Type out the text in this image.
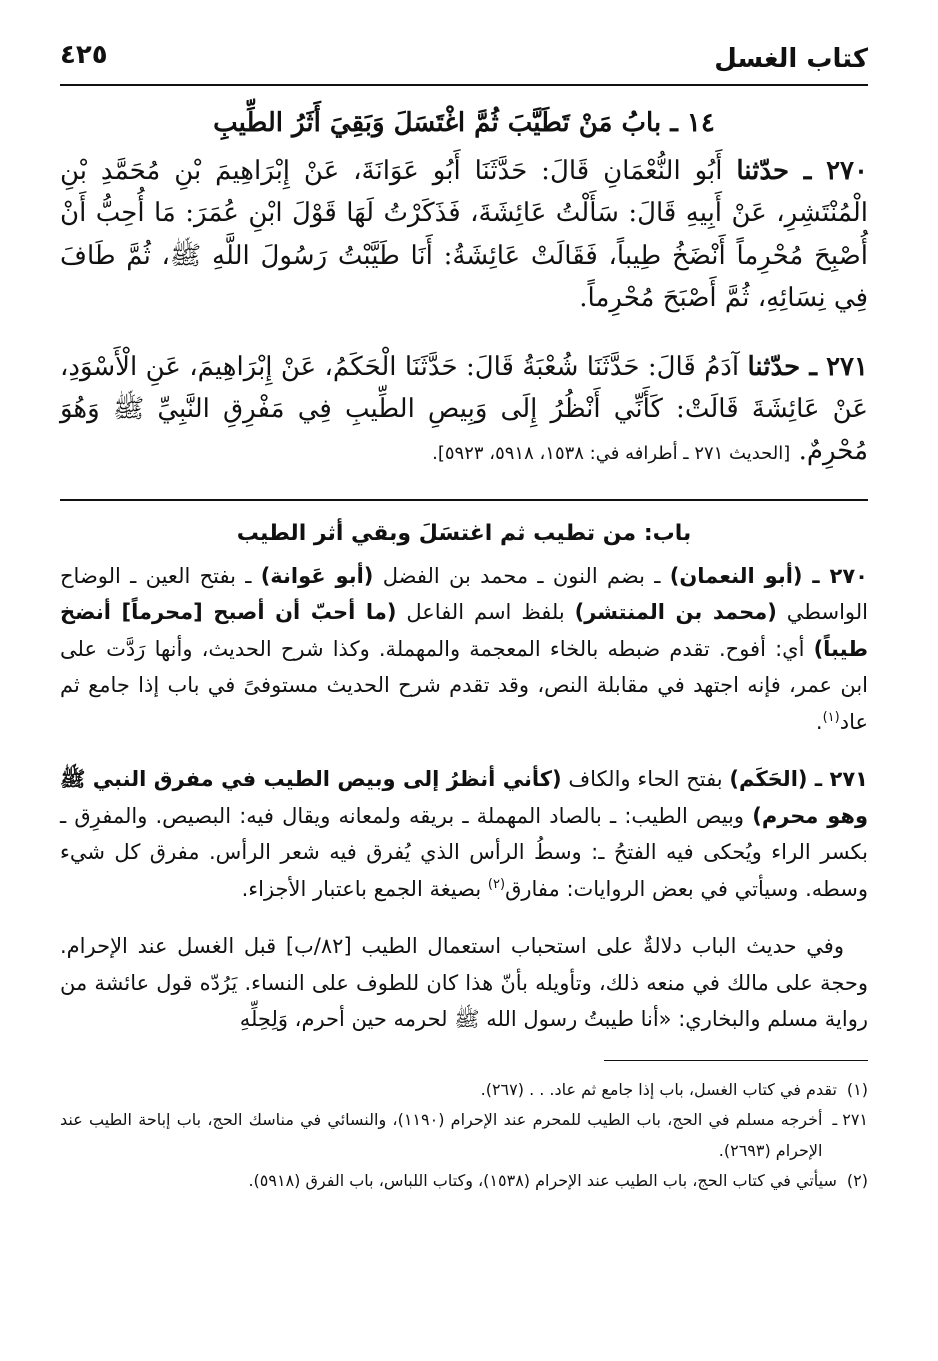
كتاب الغسل
٤٢٥
١٤ ـ بابُ مَنْ تَطَيَّبَ ثُمَّ اغْتَسَلَ وَبَقِيَ أَثَرُ الطِّيبِ

٢٧٠ ـ حدّثنا أَبُو النُّعْمَانِ قَالَ: حَدَّثَنَا أَبُو عَوَانَةَ، عَنْ إِبْرَاهِيمَ بْنِ مُحَمَّدِ بْنِ الْمُنْتَشِرِ، عَنْ أَبِيهِ قَالَ: سَأَلْتُ عَائِشَةَ، فَذَكَرْتُ لَهَا قَوْلَ ابْنِ عُمَرَ: مَا أُحِبُّ أَنْ أُصْبِحَ مُحْرِماً أَنْضَخُ طِيباً، فَقَالَتْ عَائِشَةُ: أَنَا طَيَّبْتُ رَسُولَ اللَّهِ ﷺ، ثُمَّ طَافَ فِي نِسَائِهِ، ثُمَّ أَصْبَحَ مُحْرِماً.

٢٧١ ـ حدّثنا آدَمُ قَالَ: حَدَّثَنَا شُعْبَةُ قَالَ: حَدَّثَنَا الْحَكَمُ، عَنْ إِبْرَاهِيمَ، عَنِ الْأَسْوَدِ، عَنْ عَائِشَةَ قَالَتْ: كَأَنِّي أَنْظُرُ إِلَى وَبِيصِ الطِّيبِ فِي مَفْرِقِ النَّبِيِّ ﷺ وَهُوَ مُحْرِمٌ. [الحديث ٢٧١ ـ أطرافه في: ١٥٣٨، ٥٩١٨، ٥٩٢٣].

باب: من تطيب ثم اغتسَلَ وبقي أثر الطيب

٢٧٠ ـ (أبو النعمان) ـ بضم النون ـ محمد بن الفضل (أبو عَوانة) ـ بفتح العين ـ الوضاح الواسطي (محمد بن المنتشر) بلفظ اسم الفاعل (ما أحبّ أن أصبح [محرماً] أنضخ طيباً) أي: أفوح. تقدم ضبطه بالخاء المعجمة والمهملة. وكذا شرح الحديث، وأنها رَدَّت على ابن عمر، فإنه اجتهد في مقابلة النص، وقد تقدم شرح الحديث مستوفىً في باب إذا جامع ثم عاد$^{(١)}$.

٢٧١ ـ (الحَكَم) بفتح الحاء والكاف (كأني أنظرُ إلى وبيص الطيب في مفرق النبي ﷺ وهو محرم) وبيص الطيب: ـ بالصاد المهملة ـ بريقه ولمعانه ويقال فيه: البصيص. والمفرِق ـ بكسر الراء ويُحكى فيه الفتحُ ـ: وسطُ الرأس الذي يُفرق فيه شعر الرأس. مفرق كل شيء وسطه. وسيأتي في بعض الروايات: مفارق$^{(٢)}$ بصيغة الجمع باعتبار الأجزاء.

وفي حديث الباب دلالةٌ على استحباب استعمال الطيب [٨٢/ب] قبل الغسل عند الإحرام. وحجة على مالك في منعه ذلك، وتأويله بأنّ هذا كان للطوف على النساء. يَرُدّه قول عائشة من رواية مسلم والبخاري: «أنا طيبتُ رسول الله ﷺ لحرمه حين أحرم، وَلِحِلِّهِ

(١)
تقدم في كتاب الغسل، باب إذا جامع ثم عاد. . . (٢٦٧).
٢٧١ ـ
أخرجه مسلم في الحج، باب الطيب للمحرم عند الإحرام (١١٩٠)، والنسائي في مناسك الحج، باب إباحة الطيب عند الإحرام (٢٦٩٣).
(٢)
سيأتي في كتاب الحج، باب الطيب عند الإحرام (١٥٣٨)، وكتاب اللباس، باب الفرق (٥٩١٨).
